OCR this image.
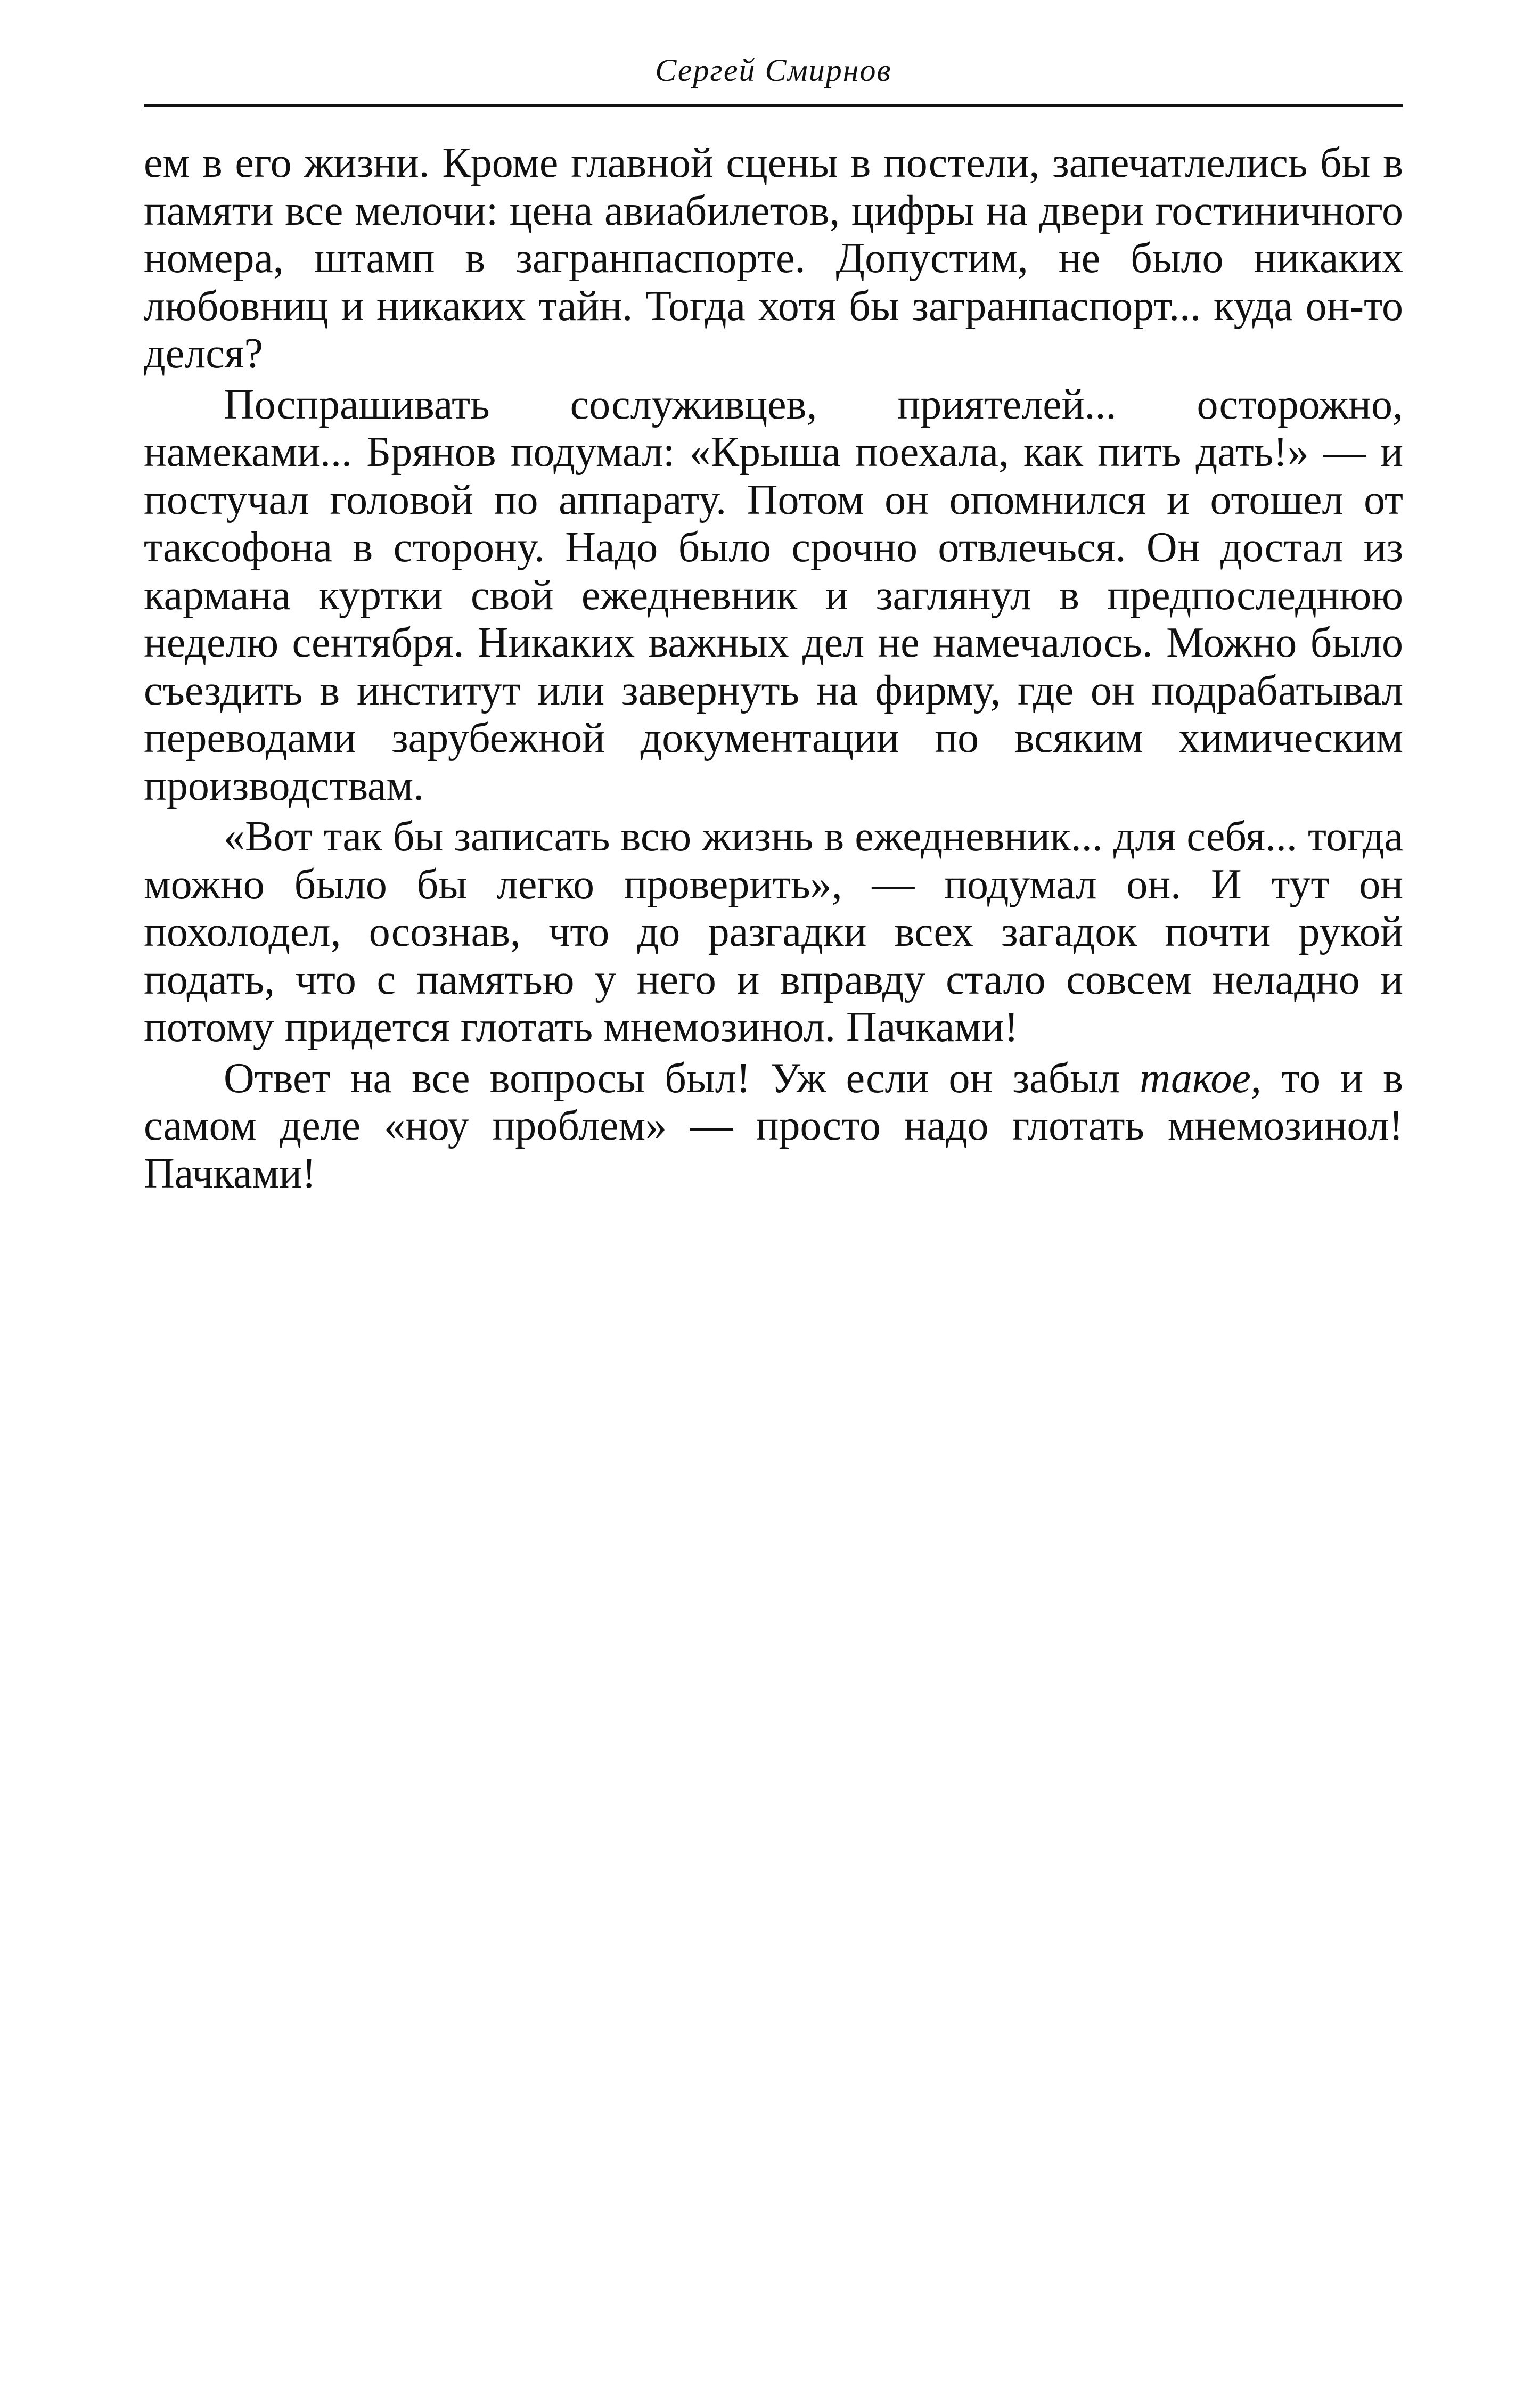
Сергей Смирнов

ем в его жизни. Кроме главной сцены в постели, запечатлелись бы в памяти все мелочи: цена авиабилетов, цифры на двери гостиничного номера, штамп в загранпаспорте. Допустим, не было никаких любовниц и никаких тайн. Тогда хотя бы загранпаспорт... куда он-то делся?

Поспрашивать сослуживцев, приятелей... осторожно, намеками... Брянов подумал: «Крыша поехала, как пить дать!» — и постучал головой по аппарату. Потом он опомнился и отошел от таксофона в сторону. Надо было срочно отвлечься. Он достал из кармана куртки свой ежедневник и заглянул в предпоследнюю неделю сентября. Никаких важных дел не намечалось. Можно было съездить в институт или завернуть на фирму, где он подрабатывал переводами зарубежной документации по всяким химическим производствам.

«Вот так бы записать всю жизнь в ежедневник... для себя... тогда можно было бы легко проверить», — подумал он. И тут он похолодел, осознав, что до разгадки всех загадок почти рукой подать, что с памятью у него и вправду стало совсем неладно и потому придется глотать мнемозинол. Пачками!

Ответ на все вопросы был! Уж если он забыл такое, то и в самом деле «ноу проблем» — просто надо глотать мнемозинол! Пачками!
